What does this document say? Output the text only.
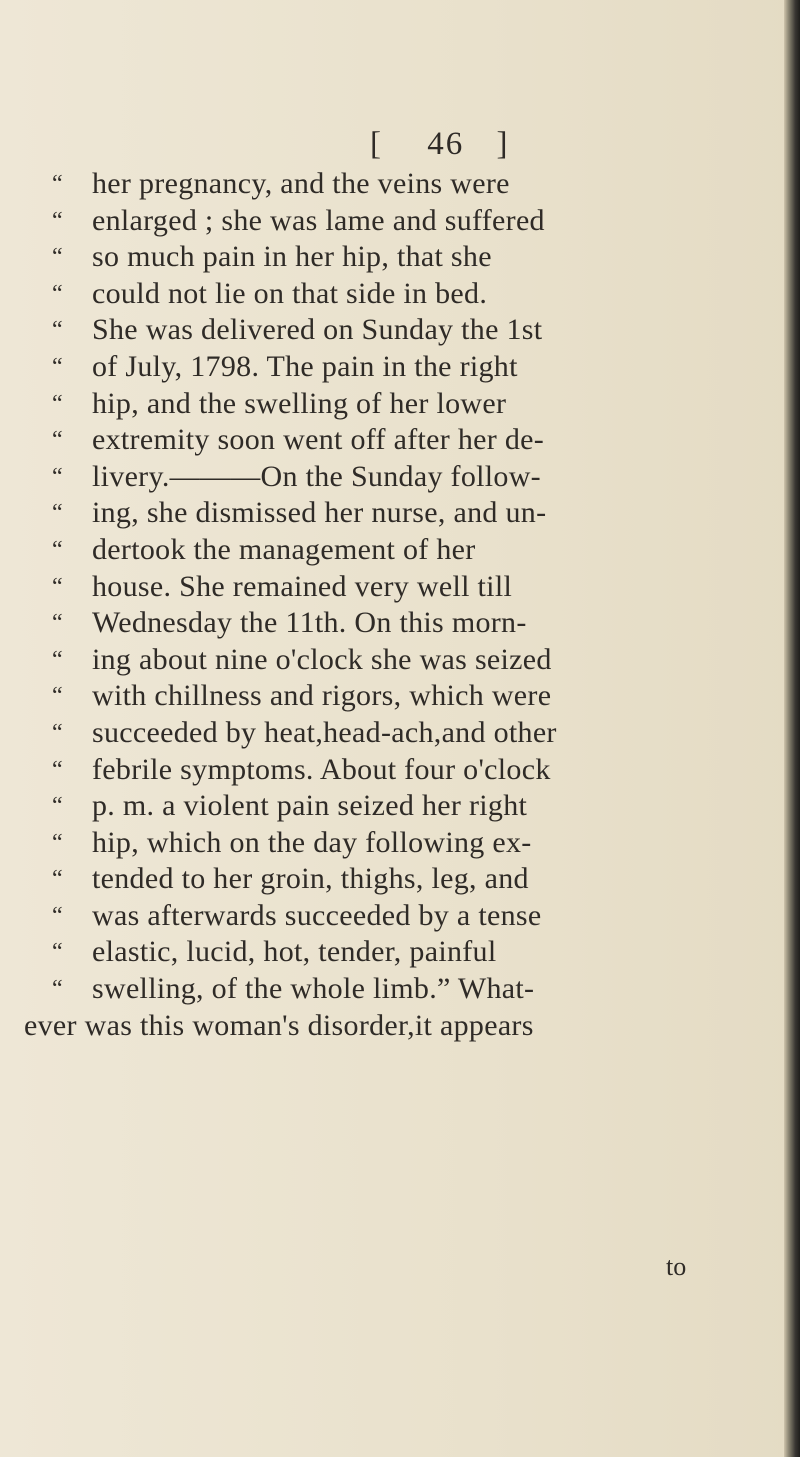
[ 46 ]
“ her pregnancy, and the veins were
“ enlarged ; she was lame and suffered
“ so much pain in her hip, that she
“ could not lie on that side in bed.
“ She was delivered on Sunday the 1st
“ of July, 1798. The pain in the right
“ hip, and the swelling of her lower
“ extremity soon went off after her de-
“ livery.———On the Sunday follow-
“ ing, she dismissed her nurse, and un-
“ dertook the management of her
“ house. She remained very well till
“ Wednesday the 11th. On this morn-
“ ing about nine o'clock she was seized
“ with chillness and rigors, which were
“ succeeded by heat,head-ach,and other
“ febrile symptoms. About four o'clock
“ p. m. a violent pain seized her right
“ hip, which on the day following ex-
“ tended to her groin, thighs, leg, and
“ was afterwards succeeded by a tense
“ elastic, lucid, hot, tender, painful
“ swelling, of the whole limb.” What-
ever was this woman's disorder,it appears
to
